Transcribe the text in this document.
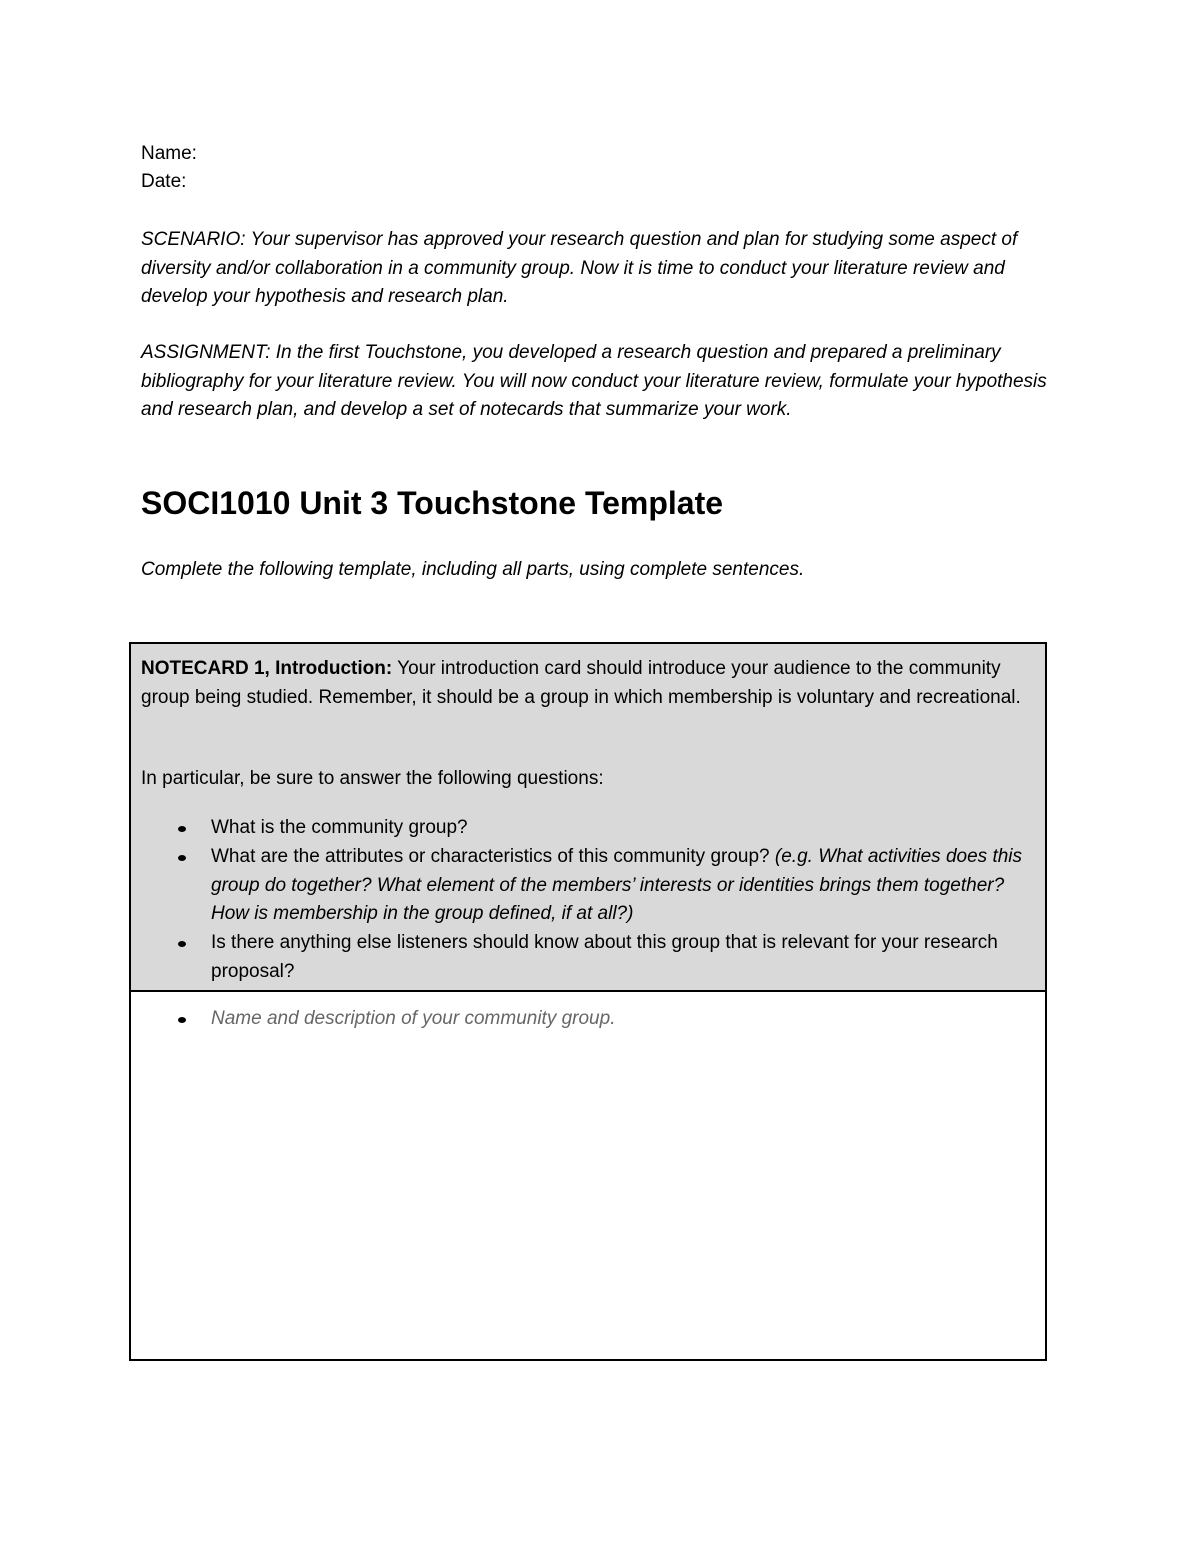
Name:
Date:

SCENARIO: Your supervisor has approved your research question and plan for studying some aspect of diversity and/or collaboration in a community group. Now it is time to conduct your literature review and develop your hypothesis and research plan.

ASSIGNMENT: In the first Touchstone, you developed a research question and prepared a preliminary bibliography for your literature review. You will now conduct your literature review, formulate your hypothesis and research plan, and develop a set of notecards that summarize your work.

SOCI1010 Unit 3 Touchstone Template
Complete the following template, including all parts, using complete sentences.

NOTECARD 1, Introduction: Your introduction card should introduce your audience to the community group being studied. Remember, it should be a group in which membership is voluntary and recreational.

In particular, be sure to answer the following questions:

What is the community group?
What are the attributes or characteristics of this community group? (e.g. What activities does this group do together? What element of the members’ interests or identities brings them together? How is membership in the group defined, if at all?)
Is there anything else listeners should know about this group that is relevant for your research proposal?
Name and description of your community group.
